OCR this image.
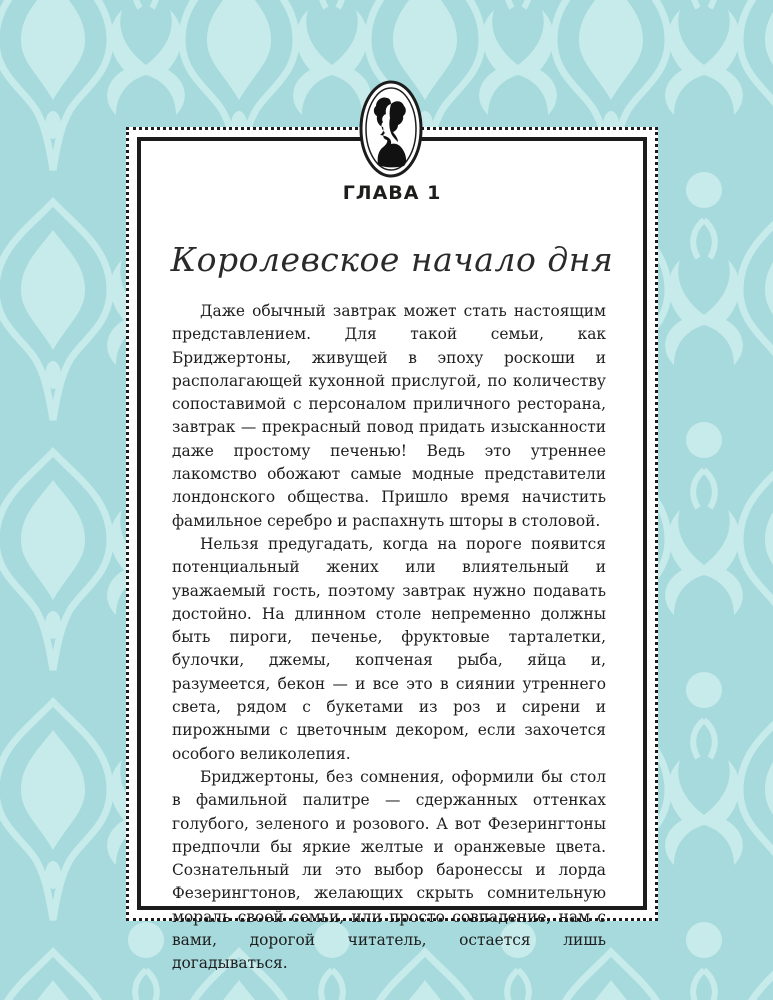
ГЛАВА 1
Королевское начало дня

Даже обычный завтрак может стать настоящим представлением. Для такой семьи, как Бриджертоны, живущей в эпоху роскоши и располагающей кухонной прислугой, по количеству сопоставимой с персоналом приличного ресторана, завтрак — прекрасный повод придать изысканности даже простому печенью! Ведь это утреннее лакомство обожают самые модные представители лондонского общества. Пришло время начистить фамильное серебро и распахнуть шторы в столовой.

Нельзя предугадать, когда на пороге появится потенциальный жених или влиятельный и уважаемый гость, поэтому завтрак нужно подавать достойно. На длинном столе непременно должны быть пироги, печенье, фруктовые тарталетки, булочки, джемы, копченая рыба, яйца и, разумеется, бекон — и все это в сиянии утреннего света, рядом с букетами из роз и сирени и пирожными с цветочным декором, если захочется особого великолепия.

Бриджертоны, без сомнения, оформили бы стол в фамильной палитре — сдержанных оттенках голубого, зеленого и розового. А вот Фезерингтоны предпочли бы яркие желтые и оранжевые цвета. Сознательный ли это выбор баронессы и лорда Фезерингтонов, желающих скрыть сомнительную мораль своей семьи, или просто совпадение, нам с вами, дорогой читатель, остается лишь догадываться.
